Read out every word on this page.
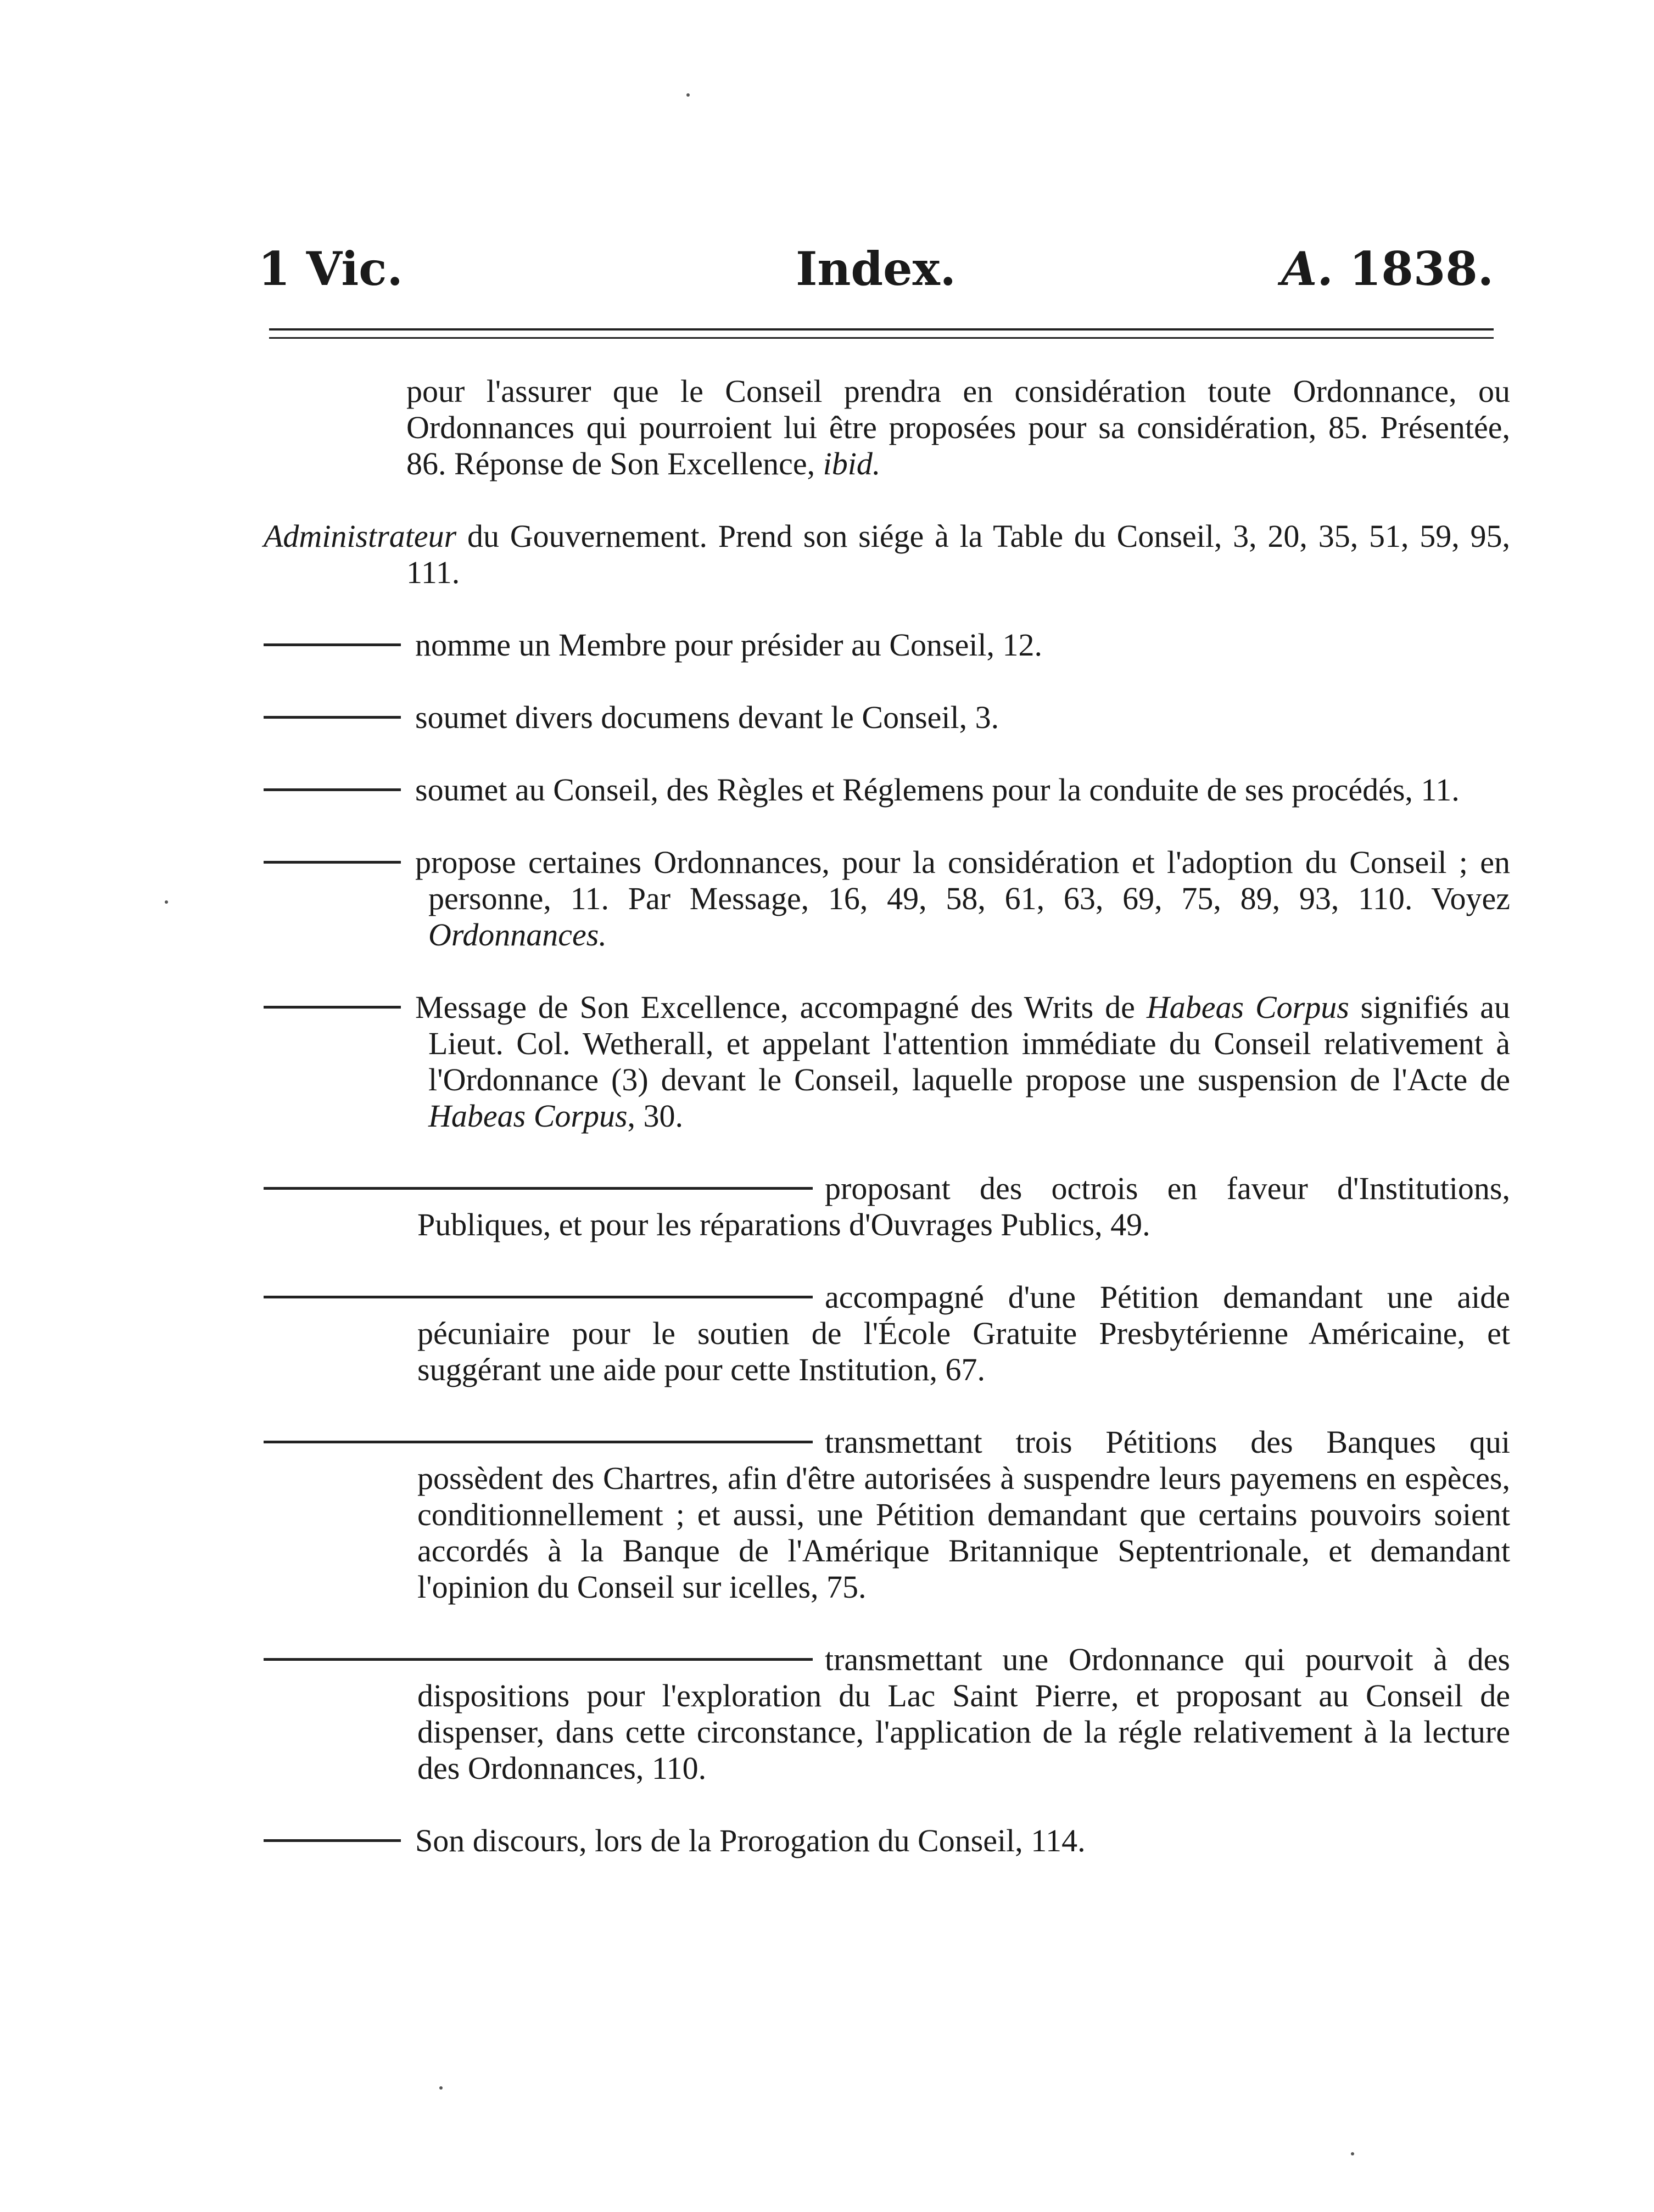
1 Vic.	Index.	A. 1838.

pour l'assurer que le Conseil prendra en considération toute Ordonnance, ou Ordonnances qui pourroient lui être proposées pour sa considération, 85. Présentée, 86. Réponse de Son Excellence, ibid.

Administrateur du Gouvernement. Prend son siége à la Table du Conseil, 3, 20, 35, 51, 59, 95, 111.

nomme un Membre pour présider au Conseil, 12.

soumet divers documens devant le Conseil, 3.

soumet au Conseil, des Règles et Réglemens pour la conduite de ses procédés, 11.

propose certaines Ordonnances, pour la considération et l'adoption du Conseil ; en personne, 11. Par Message, 16, 49, 58, 61, 63, 69, 75, 89, 93, 110. Voyez Ordonnances.

Message de Son Excellence, accompagné des Writs de Habeas Corpus signifiés au Lieut. Col. Wetherall, et appelant l'attention immédiate du Conseil relativement à l'Ordonnance (3) devant le Conseil, laquelle propose une suspension de l'Acte de Habeas Corpus, 30.

proposant des octrois en faveur d'Institutions, Publiques, et pour les réparations d'Ouvrages Publics, 49.

accompagné d'une Pétition demandant une aide pécuniaire pour le soutien de l'École Gratuite Presbytérienne Américaine, et suggérant une aide pour cette Institution, 67.

transmettant trois Pétitions des Banques qui possèdent des Chartres, afin d'être autorisées à suspendre leurs payemens en espèces, conditionnellement ; et aussi, une Pétition demandant que certains pouvoirs soient accordés à la Banque de l'Amérique Britannique Septentrionale, et demandant l'opinion du Conseil sur icelles, 75.

transmettant une Ordonnance qui pourvoit à des dispositions pour l'exploration du Lac Saint Pierre, et proposant au Conseil de dispenser, dans cette circonstance, l'application de la régle relativement à la lecture des Ordonnances, 110.

Son discours, lors de la Prorogation du Conseil, 114.
